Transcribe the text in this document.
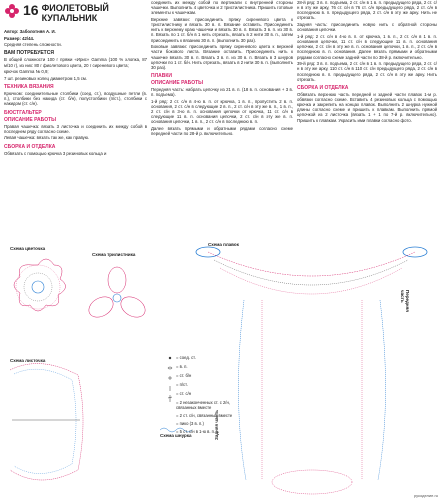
16 ФИОЛЕТОВЫЙ
КУПАЛЬНИК

Автор: Заболотняя А. И.

Размер: 42/44.

Средняя степень сложности.

ВАМ ПОТРЕБУЕТСЯ

В общей сложности 100 г пряжи «Ирис» Gamma (100 % хлопка, 87 м/10 г), из них: 80 г фиолетового цвета, 20 г сиреневого цвета;

крючок Gamma № 0,9;

7 шт. резиновых колец диаметром 1,5 см.

ТЕХНИКА ВЯЗАНИЯ

Крючком: соединительные столбики (соед. ст.), воздушные петли (в. п.), столбики без накида (ст. б/н), полустолбики (п/ст.), столбики с накидом (ст. с/н).

БЮСТГАЛЬТЕР
ОПИСАНИЕ РАБОТЫ

Правая чашечка: вязать 3 листочка и соединить их между собой в последнем ряду согласно схеме.

Левая чашечка: вязать так же, как правую.

СБОРКА И ОТДЕЛКА

Обвязать с помощью крючка 3 резиновых кольца и

соединить их между собой по вертикали с внутренней стороны чашечки. Выполнить 4 цветочка и 2 тристилистника. Пришить готовые элементы к чашечкам.

Верхние завязки: присоединить пряжу сиреневого цвета к тристилистнику и вязать 30 в. п. Вязание оставить. Присоединить нить к верхнему краю чашечки и вязать 30 в. п. Вязать 3 в. п. из 30 в. п. Вязать по 1 ст. б/н в 1 нить отрезать, вязать в 2 нити 30 в. п., затем присоединить к вязанию 30 в. п. (выполнить 30 раз).

Боковые завязки: присоединить пряжу сиреневого цвета к верхней части бокового листа. Вязание оставить. Присоединить нить к чашечке вязать 30 в. п. Вязать 3 в. п. из 30 в. п. Вязать в 3 шнуров цепочки по 1 ст. б/н. Нить отрезать, вязать в 2 нити 30 в. п. (выполнить 30 раз).

ПЛАВКИ
ОПИСАНИЕ РАБОТЫ

Передняя часть: набрать цепочку из 21 в. п. (18 в. п. основания + 3 в. п. подъема).

1-й ряд: 2 ст. с/н в 4-ю в. п. от крючка, 1 в. п., пропустить 2 в. п. основания, 2 ст. с/н в следующие 2 в. п., 2 ст. с/н в эту же в. п., 1 в. п., 2 ст. с/н в 3-ю в. п. основания цепочки от крючка, 11 ст. с/н в следующие 11 в. п. основания цепочки, 2 ст. с/н в эту же в. п. основания цепочки, 1 в. п., 2 ст. с/н в последнюю в. п.

Далее вязать прямыми и обратными рядами согласно схеме передней части по 28-й р. включительно.

28-й ряд: 3 в. п. подъема, 2 ст. с/н в 1 в. п. предыдущего ряда, 2 ст. с/н в эту же арку, 76 ст. с/н в 76 ст. с/н предыдущего ряда, 2 ст. с/н в последнюю в. п. предыдущего ряда, 2 ст. с/н в эту же арку. Нить не отрезать.

Задняя часть: присоединить новую нить с обратной стороны основания цепочки.

1-й ряд: 2 ст. с/н в 4-ю в. п. от крючка, 1 в. п., 2 ст. с/н в 1 в. п. основания цепочки, 11 ст. с/н в следующие 11 в. п. основания цепочки, 2 ст. с/н в эту же в. п. основания цепочки, 1 в. п., 2 ст. с/н в последнюю в. п. основания. Далее вязать прямыми и обратными рядами согласно схеме задней части по 38-й р. включительно.

39-й ряд: 3 в. п. подъема, 2 ст. с/н в 1 в. п. предыдущего ряда, 2 ст. с/н в эту же арку, 110 ст. с/н в 110 ст. с/н предыдущего ряда, 2 ст. с/н в последнюю в. п. предыдущего ряда, 2 ст. с/н в эту же арку. Нить отрезать.

СБОРКА И ОТДЕЛКА

Обвязать верхнюю часть передней и задней части плавок 1-м р. обвязки согласно схеме. Вставить 4 резиновых кольца с помощью крючка и закрепить на концах плавок. Выполнить 2 шнурка нужной длины согласно схеме и пришить к плавкам. Выполнить прямой цепочкой из 2 листочка (вязать 1 + 1 по 7-й р. включительно). Пришить к плавкам. Украсить ими плавки согласно фото.

Схема цветочка
Схема трилистника
Схема шнурка
Схема плавок
Схема листочка
Задняя часть
Передняя часть
= соед. ст.
= в. п.
= ст. б/н
= п/ст.
= ст. с/н
= 2 незаконченных ст. с 2/н, связанных вместе
= 2 ст. с/н, связанных вместе
= пико (3 в. п.)
= 5 ст. с/н в 1-ю в. п.
рукоделие.ru
